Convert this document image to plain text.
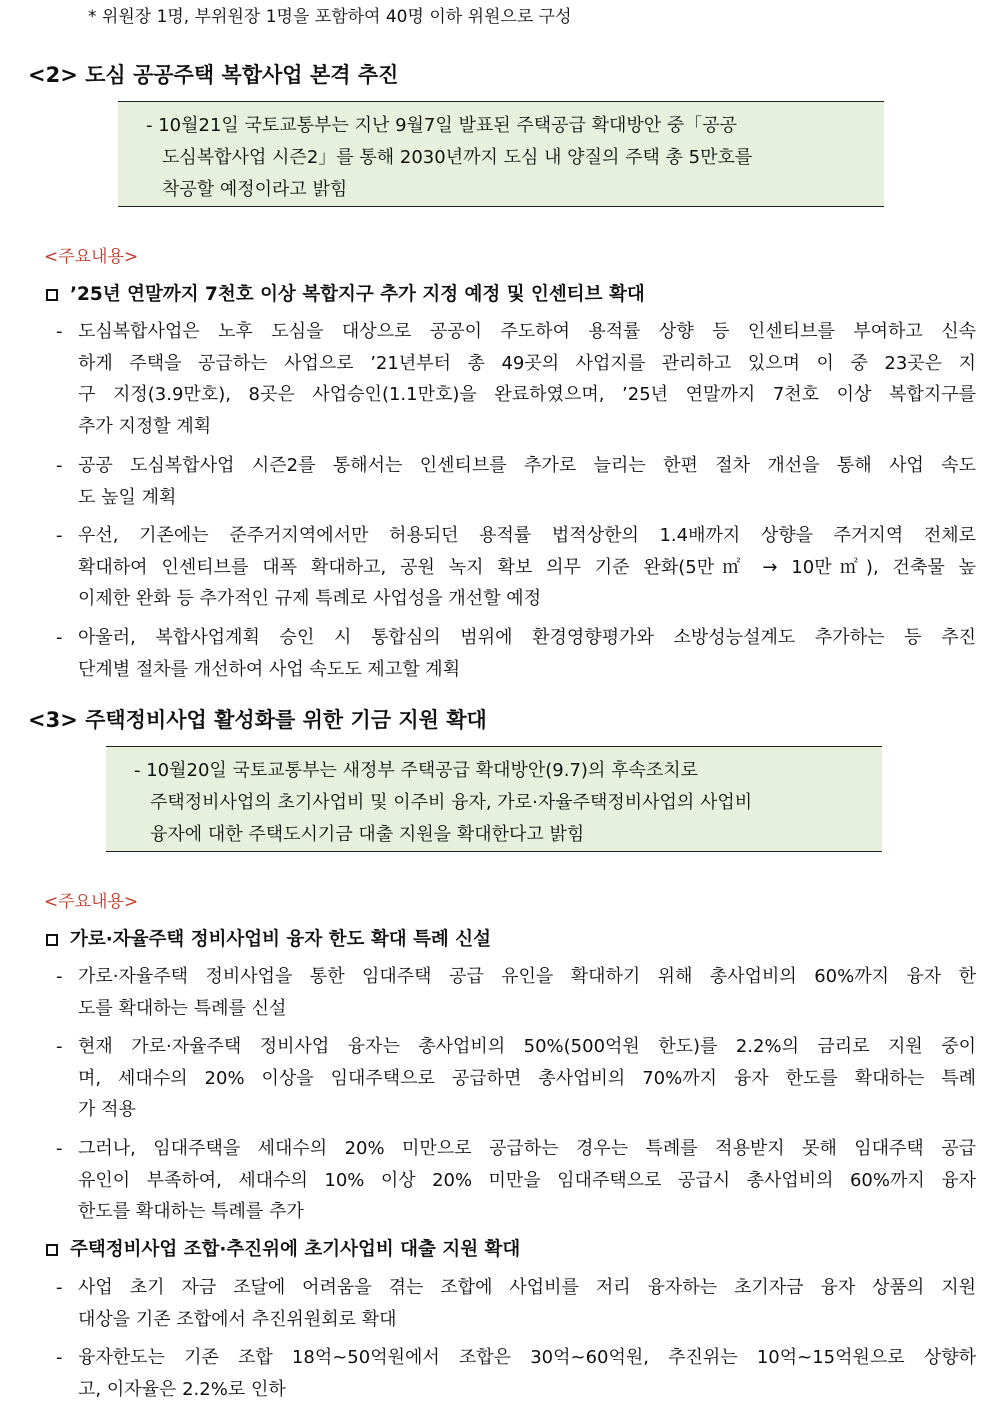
* 위원장 1명, 부위원장 1명을 포함하여 40명 이하 위원으로 구성
<2> 도심 공공주택 복합사업 본격 추진
- 10월21일 국토교통부는 지난 9월7일 발표된 주택공급 확대방안 중「공공
도심복합사업 시즌2」를 통해 2030년까지 도심 내 양질의 주택 총 5만호를
착공할 예정이라고 밝힘
<주요내용>
’25년 연말까지 7천호 이상 복합지구 추가 지정 예정 및 인센티브 확대
- 도심복합사업은 노후 도심을 대상으로 공공이 주도하여 용적률 상향 등 인센티브를 부여하고 신속
하게 주택을 공급하는 사업으로 ’21년부터 총 49곳의 사업지를 관리하고 있으며 이 중 23곳은 지
구 지정(3.9만호), 8곳은 사업승인(1.1만호)을 완료하였으며, ’25년 연말까지 7천호 이상 복합지구를
추가 지정할 계획
- 공공 도심복합사업 시즌2를 통해서는 인센티브를 추가로 늘리는 한편 절차 개선을 통해 사업 속도
도 높일 계획
- 우선, 기존에는 준주거지역에서만 허용되던 용적률 법적상한의 1.4배까지 상향을 주거지역 전체로
확대하여 인센티브를 대폭 확대하고, 공원 녹지 확보 의무 기준 완화(5만㎡ → 10만㎡), 건축물 높
이제한 완화 등 추가적인 규제 특례로 사업성을 개선할 예정
- 아울러, 복합사업계획 승인 시 통합심의 범위에 환경영향평가와 소방성능설계도 추가하는 등 추진
단계별 절차를 개선하여 사업 속도도 제고할 계획
<3> 주택정비사업 활성화를 위한 기금 지원 확대
- 10월20일 국토교통부는 새정부 주택공급 확대방안(9.7)의 후속조치로
주택정비사업의 초기사업비 및 이주비 융자, 가로·자율주택정비사업의 사업비
융자에 대한 주택도시기금 대출 지원을 확대한다고 밝힘
<주요내용>
가로·자율주택 정비사업비 융자 한도 확대 특례 신설
- 가로·자율주택 정비사업을 통한 임대주택 공급 유인을 확대하기 위해 총사업비의 60%까지 융자 한
도를 확대하는 특례를 신설
- 현재 가로·자율주택 정비사업 융자는 총사업비의 50%(500억원 한도)를 2.2%의 금리로 지원 중이
며, 세대수의 20% 이상을 임대주택으로 공급하면 총사업비의 70%까지 융자 한도를 확대하는 특례
가 적용
- 그러나, 임대주택을 세대수의 20% 미만으로 공급하는 경우는 특례를 적용받지 못해 임대주택 공급
유인이 부족하여, 세대수의 10% 이상 20% 미만을 임대주택으로 공급시 총사업비의 60%까지 융자
한도를 확대하는 특례를 추가
주택정비사업 조합·추진위에 초기사업비 대출 지원 확대
- 사업 초기 자금 조달에 어려움을 겪는 조합에 사업비를 저리 융자하는 초기자금 융자 상품의 지원
대상을 기존 조합에서 추진위원회로 확대
- 융자한도는 기존 조합 18억~50억원에서 조합은 30억~60억원, 추진위는 10억~15억원으로 상향하
고, 이자율은 2.2%로 인하
